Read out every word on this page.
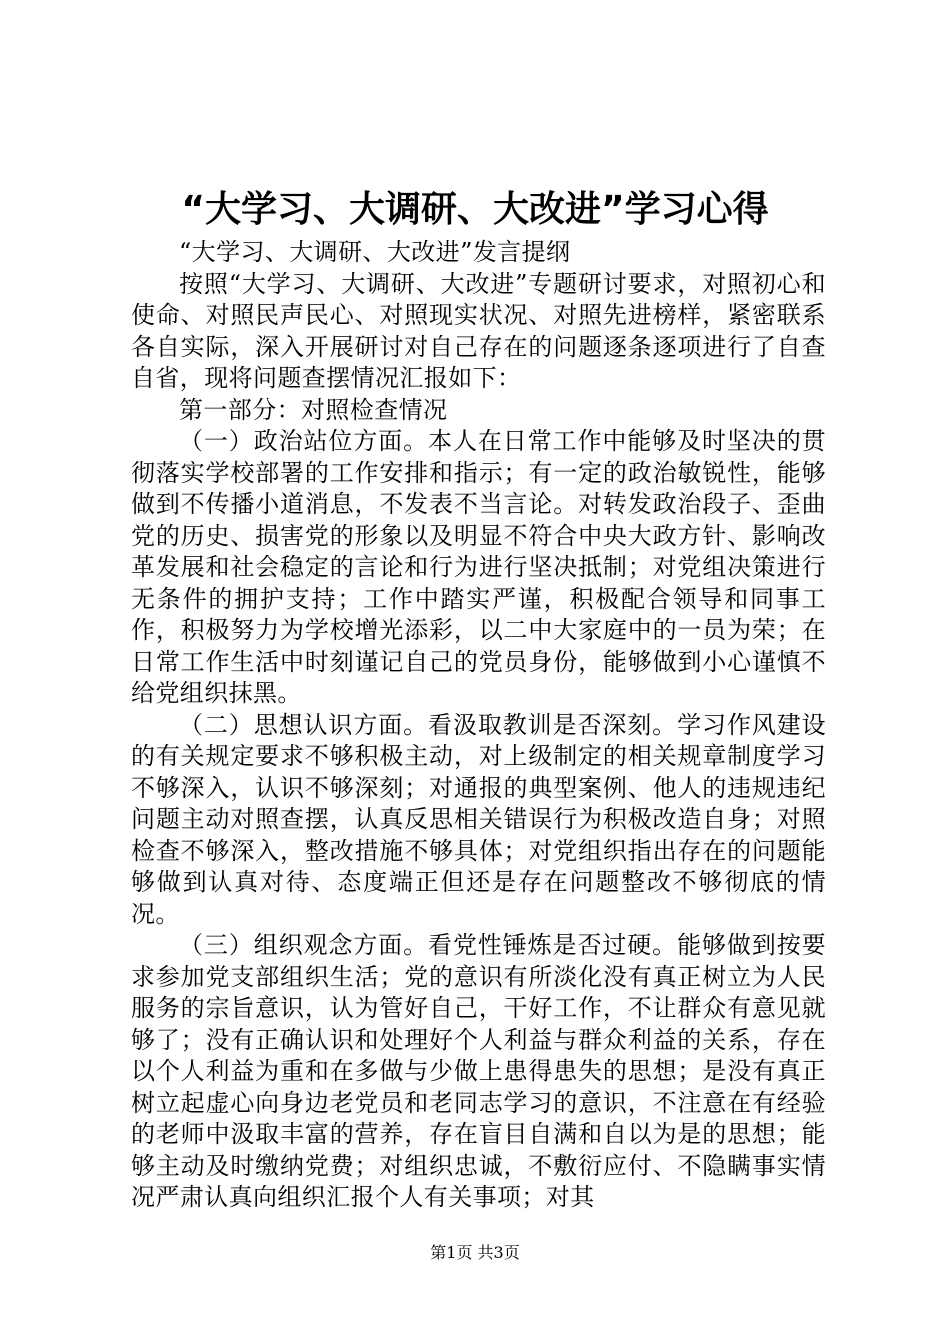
“大学习、大调研、大改进”学习心得

“大学习、大调研、大改进”发言提纲

按照“大学习、大调研、大改进”专题研讨要求，对照初心和使命、对照民声民心、对照现实状况、对照先进榜样，紧密联系各自实际，深入开展研讨对自己存在的问题逐条逐项进行了自查自省，现将问题查摆情况汇报如下：

第一部分：对照检查情况

（一）政治站位方面。本人在日常工作中能够及时坚决的贯彻落实学校部署的工作安排和指示；有一定的政治敏锐性，能够做到不传播小道消息，不发表不当言论。对转发政治段子、歪曲党的历史、损害党的形象以及明显不符合中央大政方针、影响改革发展和社会稳定的言论和行为进行坚决抵制；对党组决策进行无条件的拥护支持；工作中踏实严谨，积极配合领导和同事工作，积极努力为学校增光添彩，以二中大家庭中的一员为荣；在日常工作生活中时刻谨记自己的党员身份，能够做到小心谨慎不给党组织抹黑。

（二）思想认识方面。看汲取教训是否深刻。学习作风建设的有关规定要求不够积极主动，对上级制定的相关规章制度学习不够深入，认识不够深刻；对通报的典型案例、他人的违规违纪问题主动对照查摆，认真反思相关错误行为积极改造自身；对照检查不够深入，整改措施不够具体；对党组织指出存在的问题能够做到认真对待、态度端正但还是存在问题整改不够彻底的情况。

（三）组织观念方面。看党性锤炼是否过硬。能够做到按要求参加党支部组织生活；党的意识有所淡化没有真正树立为人民服务的宗旨意识，认为管好自己，干好工作，不让群众有意见就够了；没有正确认识和处理好个人利益与群众利益的关系，存在以个人利益为重和在多做与少做上患得患失的思想；是没有真正树立起虚心向身边老党员和老同志学习的意识，不注意在有经验的老师中汲取丰富的营养，存在盲目自满和自以为是的思想；能够主动及时缴纳党费；对组织忠诚，不敷衍应付、不隐瞒事实情况严肃认真向组织汇报个人有关事项；对其

第1页 共3页
